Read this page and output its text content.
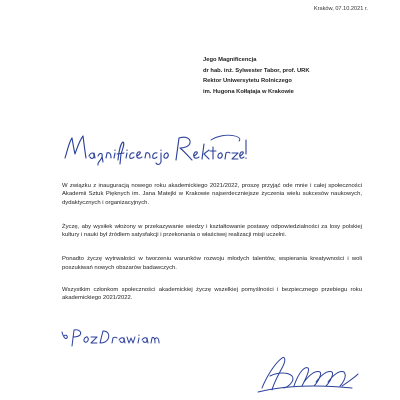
Kraków, 07.10.2021 r.
Jego Magnificencja
dr hab. inż. Sylwester Tabor, prof. URK
Rektor Uniwersytetu Rolniczego
im. Hugona Kołłątaja w Krakowie

W związku z inauguracją nowego roku akademickiego 2021/2022, proszę przyjąć ode mnie i całej społeczności Akademii Sztuk Pięknych im. Jana Matejki w Krakowie najserdeczniejsze życzenia wielu sukcesów naukowych, dydaktycznych i organizacyjnych.

Życzę, aby wysiłek włożony w przekazywanie wiedzy i kształtowanie postawy odpowiedzialności za losy polskiej kultury i nauki był źródłem satysfakcji i przekonania o właściwej realizacji misji uczelni.

Ponadto życzę wytrwałości w tworzeniu warunków rozwoju młodych talentów, wspierania kreatywności i woli poszukiwań nowych obszarów badawczych.

Wszystkim członkom społeczności akademickiej życzę wszelkiej pomyślności i bezpiecznego przebiegu roku akademickiego 2021/2022.
